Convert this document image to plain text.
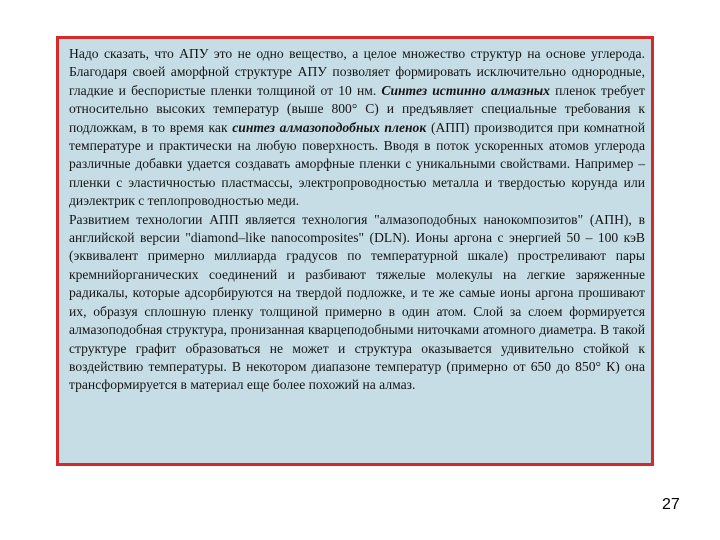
Надо сказать, что АПУ это не одно вещество, а целое множество структур на основе углерода. Благодаря своей аморфной структуре АПУ позволяет формировать исключительно однородные, гладкие и беспористые пленки толщиной от 10 нм. Синтез истинно алмазных пленок требует относительно высоких температур (выше 800° С) и предъявляет специальные требования к подложкам, в то время как синтез алмазоподобных пленок (АПП) производится при комнатной температуре и практически на любую поверхность. Вводя в поток ускоренных атомов углерода различные добавки удается создавать аморфные пленки с уникальными свойствами. Например – пленки с эластичностью пластмассы, электропроводностью металла и твердостью корунда или диэлектрик с теплопроводностью меди.

Развитием технологии АПП является технология "алмазоподобных нанокомпозитов" (АПН), в английской версии "diamond–like nanocomposites" (DLN). Ионы аргона с энергией 50 – 100 кэВ (эквивалент примерно миллиарда градусов по температурной шкале) простреливают пары кремнийорганических соединений и разбивают тяжелые молекулы на легкие заряженные радикалы, которые адсорбируются на твердой подложке, и те же самые ионы аргона прошивают их, образуя сплошную пленку толщиной примерно в один атом. Слой за слоем формируется алмазоподобная структура, пронизанная кварцеподобными ниточками атомного диаметра. В такой структуре графит образоваться не может и структура оказывается удивительно стойкой к воздействию температуры. В некотором диапазоне температур (примерно от 650 до 850° К) она трансформируется в материал еще более похожий на алмаз.

27
